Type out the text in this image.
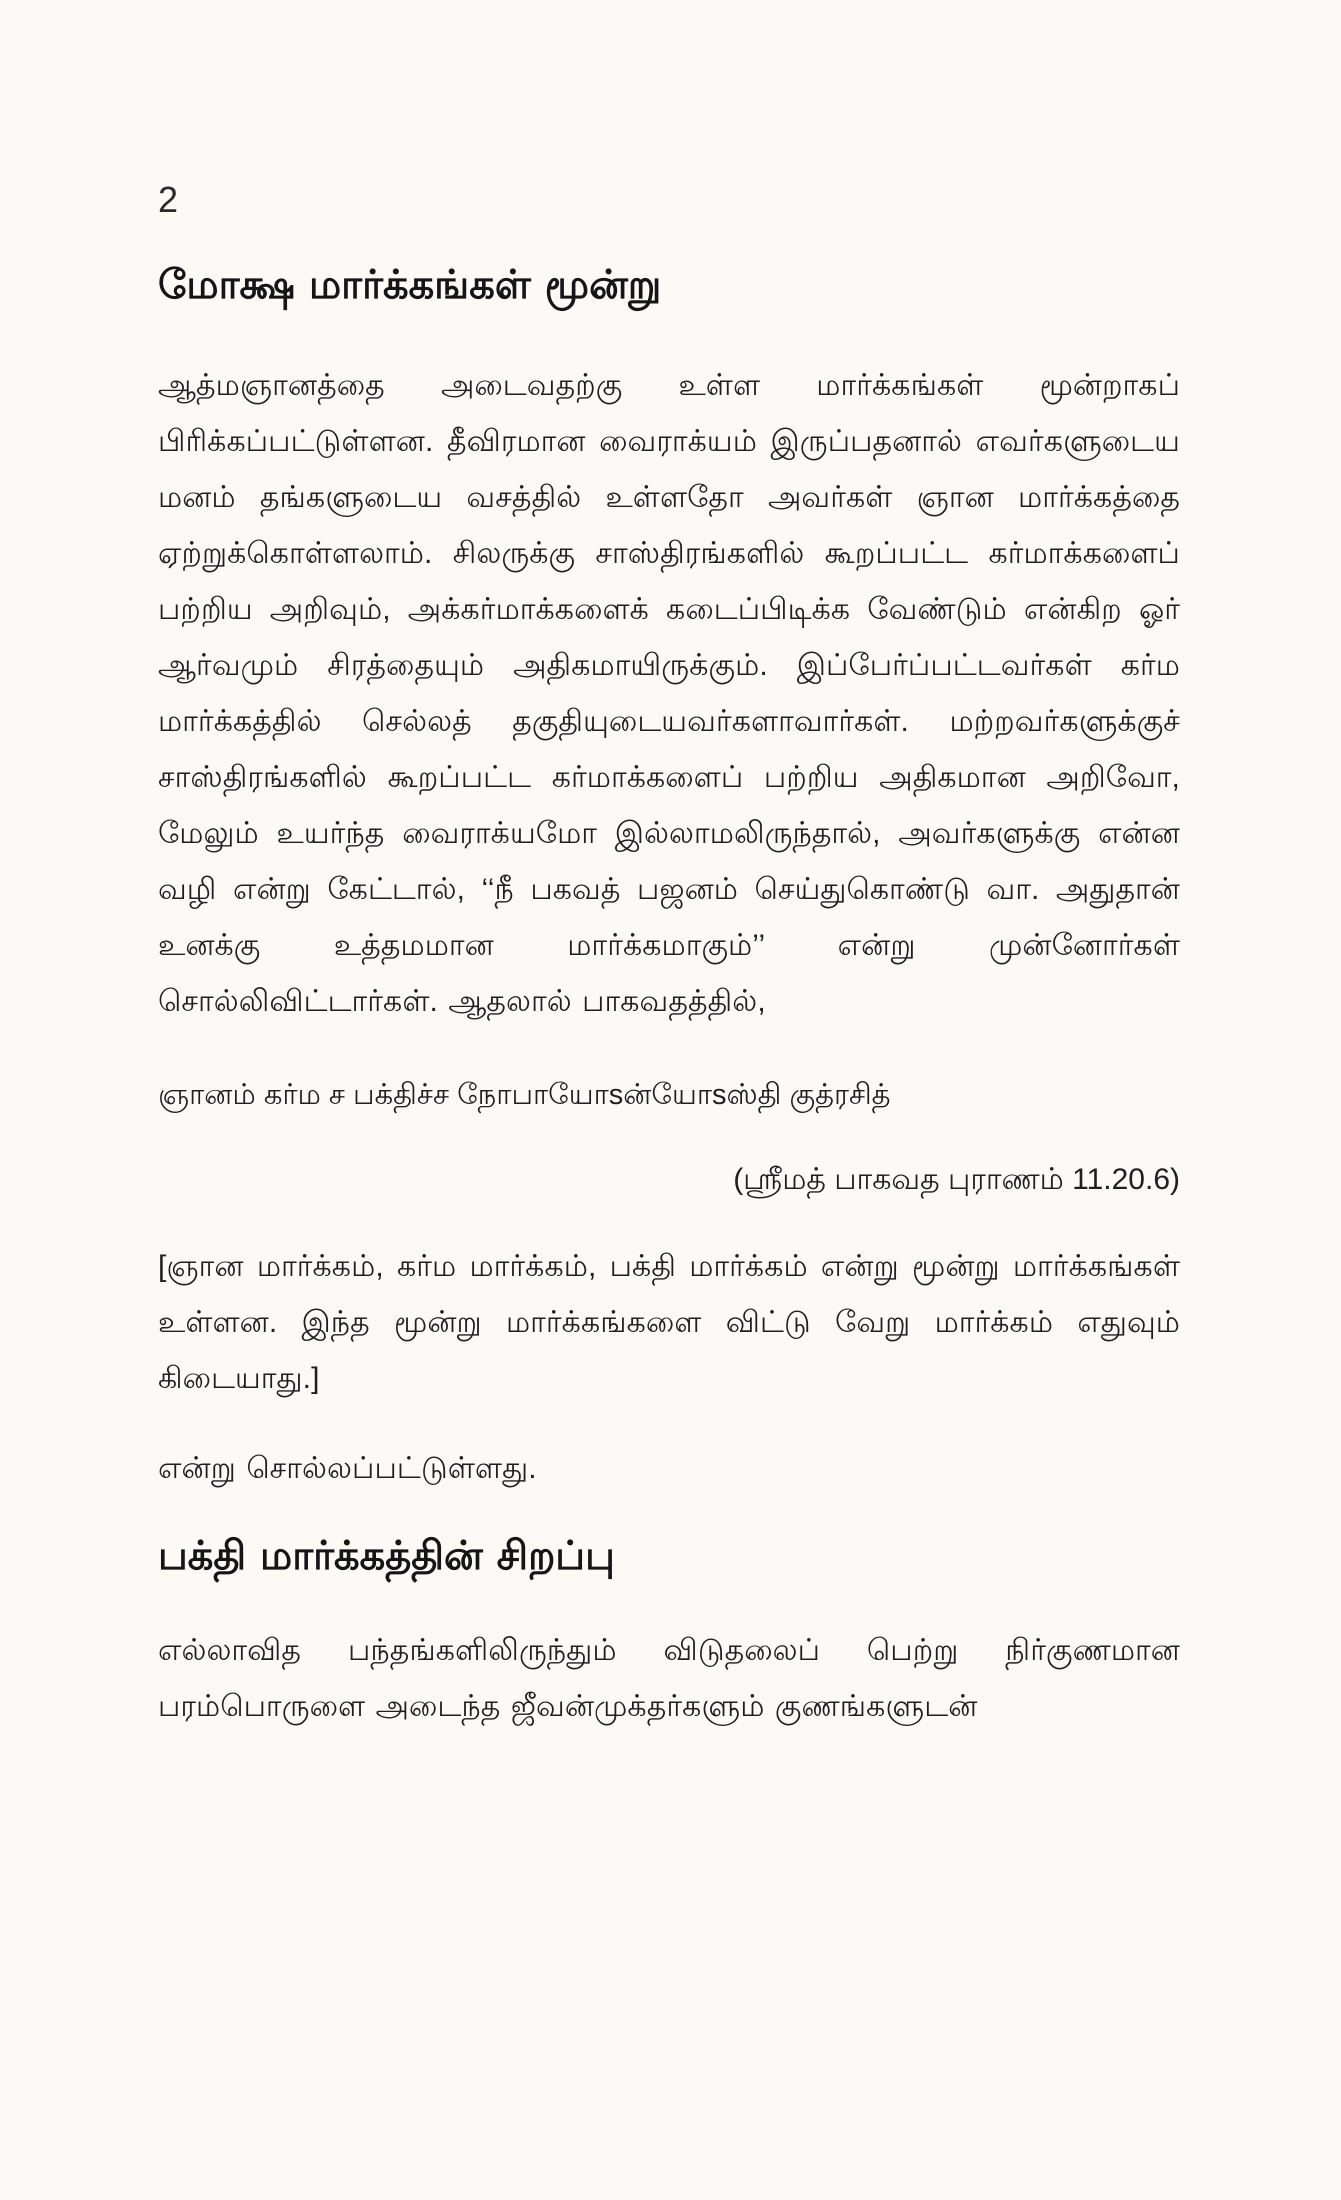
2
மோக்ஷ மார்க்கங்கள் மூன்று

ஆத்மஞானத்தை அடைவதற்கு உள்ள மார்க்கங்கள் மூன்றாகப் பிரிக்கப்பட்டுள்ளன. தீவிரமான வைராக்யம் இருப்பதனால் எவர்களுடைய மனம் தங்களுடைய வசத்தில் உள்ளதோ அவர்கள் ஞான மார்க்கத்தை ஏற்றுக்கொள்ளலாம். சிலருக்கு சாஸ்திரங்களில் கூறப்பட்ட கர்மாக்களைப் பற்றிய அறிவும், அக்கர்மாக்களைக் கடைப்பிடிக்க வேண்டும் என்கிற ஓர் ஆர்வமும் சிரத்தையும் அதிகமாயிருக்கும். இப்பேர்ப்பட்டவர்கள் கர்ம மார்க்கத்தில் செல்லத் தகுதியுடையவர்களாவார்கள். மற்றவர்களுக்குச் சாஸ்திரங்களில் கூறப்பட்ட கர்மாக்களைப் பற்றிய அதிகமான அறிவோ, மேலும் உயர்ந்த வைராக்யமோ இல்லாமலிருந்தால், அவர்களுக்கு என்ன வழி என்று கேட்டால், ‘‘நீ பகவத் பஜனம் செய்துகொண்டு வா. அதுதான் உனக்கு உத்தமமான மார்க்கமாகும்’’ என்று முன்னோர்கள் சொல்லிவிட்டார்கள். ஆதலால் பாகவதத்தில்,

ஞானம் கர்ம ச பக்திச்ச நோபாயோsன்யோsஸ்தி குத்ரசித்
(ஸ்ரீமத் பாகவத புராணம் 11.20.6)

[ஞான மார்க்கம், கர்ம மார்க்கம், பக்தி மார்க்கம் என்று மூன்று மார்க்கங்கள் உள்ளன. இந்த மூன்று மார்க்கங்களை விட்டு வேறு மார்க்கம் எதுவும் கிடையாது.]

என்று சொல்லப்பட்டுள்ளது.

பக்தி மார்க்கத்தின் சிறப்பு

எல்லாவித பந்தங்களிலிருந்தும் விடுதலைப் பெற்று நிர்குணமான பரம்பொருளை அடைந்த ஜீவன்முக்தர்களும் குணங்களுடன்
